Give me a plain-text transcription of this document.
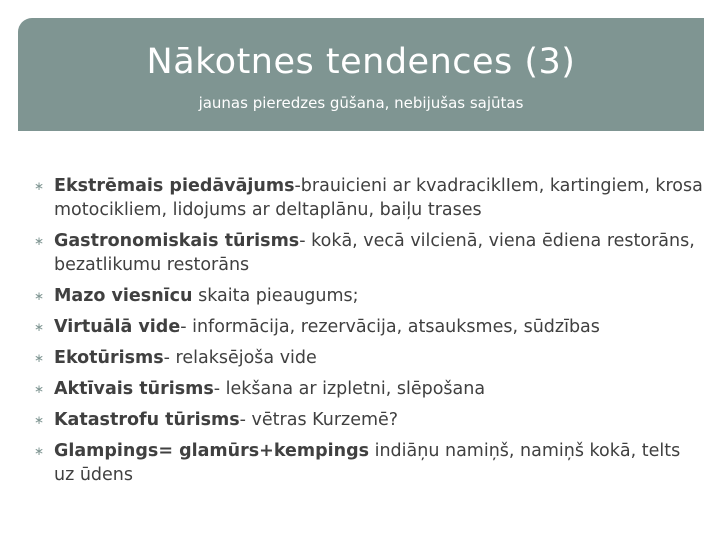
Nākotnes tendences (3)
jaunas pieredzes gūšana, nebijušas sajūtas
∗ Ekstrēmais piedāvājums-brauicieni ar kvadraciklIem, kartingiem, krosa motocikliem, lidojums ar deltaplānu, baiļu trases
∗ Gastronomiskais tūrisms- kokā, vecā vilcienā, viena ēdiena restorāns, bezatlikumu restorāns
∗ Mazo viesnīcu skaita pieaugums;
∗ Virtuālā vide- informācija, rezervācija, atsauksmes, sūdzības
∗ Ekotūrisms- relaksējoša vide
∗ Aktīvais tūrisms- lekšana ar izpletni, slēpošana
∗ Katastrofu tūrisms- vētras Kurzemē?
∗ Glampings= glamūrs+kempings indiāņu namiņš, namiņš kokā, telts uz ūdens
